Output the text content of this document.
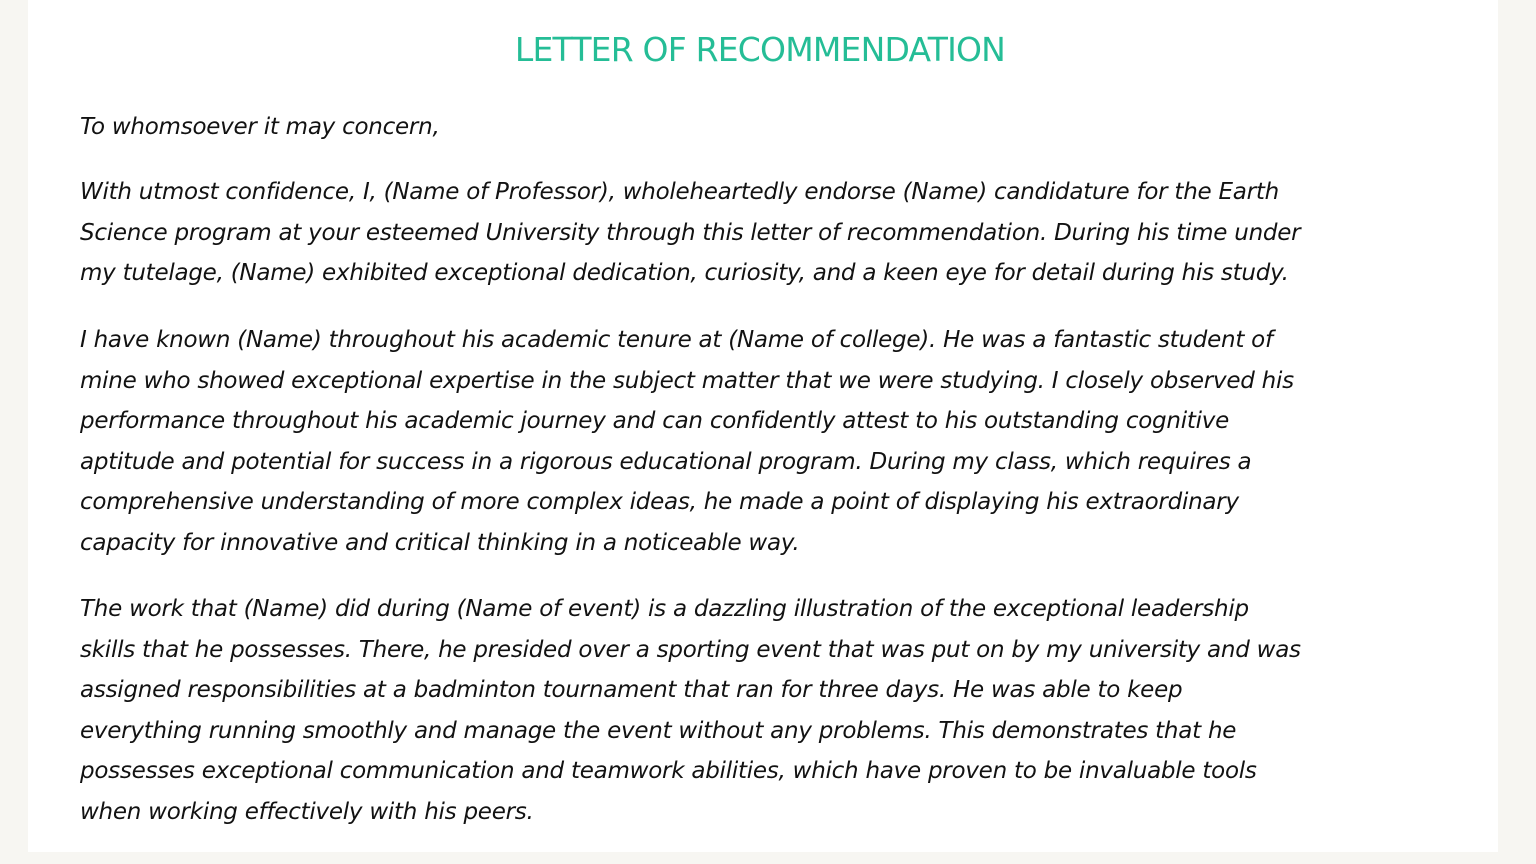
LETTER OF RECOMMENDATION

To whomsoever it may concern,

With utmost confidence, I, (Name of Professor), wholeheartedly endorse (Name) candidature for the Earth
Science program at your esteemed University through this letter of recommendation. During his time under
my tutelage, (Name) exhibited exceptional dedication, curiosity, and a keen eye for detail during his study.

I have known (Name) throughout his academic tenure at (Name of college). He was a fantastic student of
mine who showed exceptional expertise in the subject matter that we were studying. I closely observed his
performance throughout his academic journey and can confidently attest to his outstanding cognitive
aptitude and potential for success in a rigorous educational program. During my class, which requires a
comprehensive understanding of more complex ideas, he made a point of displaying his extraordinary
capacity for innovative and critical thinking in a noticeable way.

The work that (Name) did during (Name of event) is a dazzling illustration of the exceptional leadership
skills that he possesses. There, he presided over a sporting event that was put on by my university and was
assigned responsibilities at a badminton tournament that ran for three days. He was able to keep
everything running smoothly and manage the event without any problems. This demonstrates that he
possesses exceptional communication and teamwork abilities, which have proven to be invaluable tools
when working effectively with his peers.
